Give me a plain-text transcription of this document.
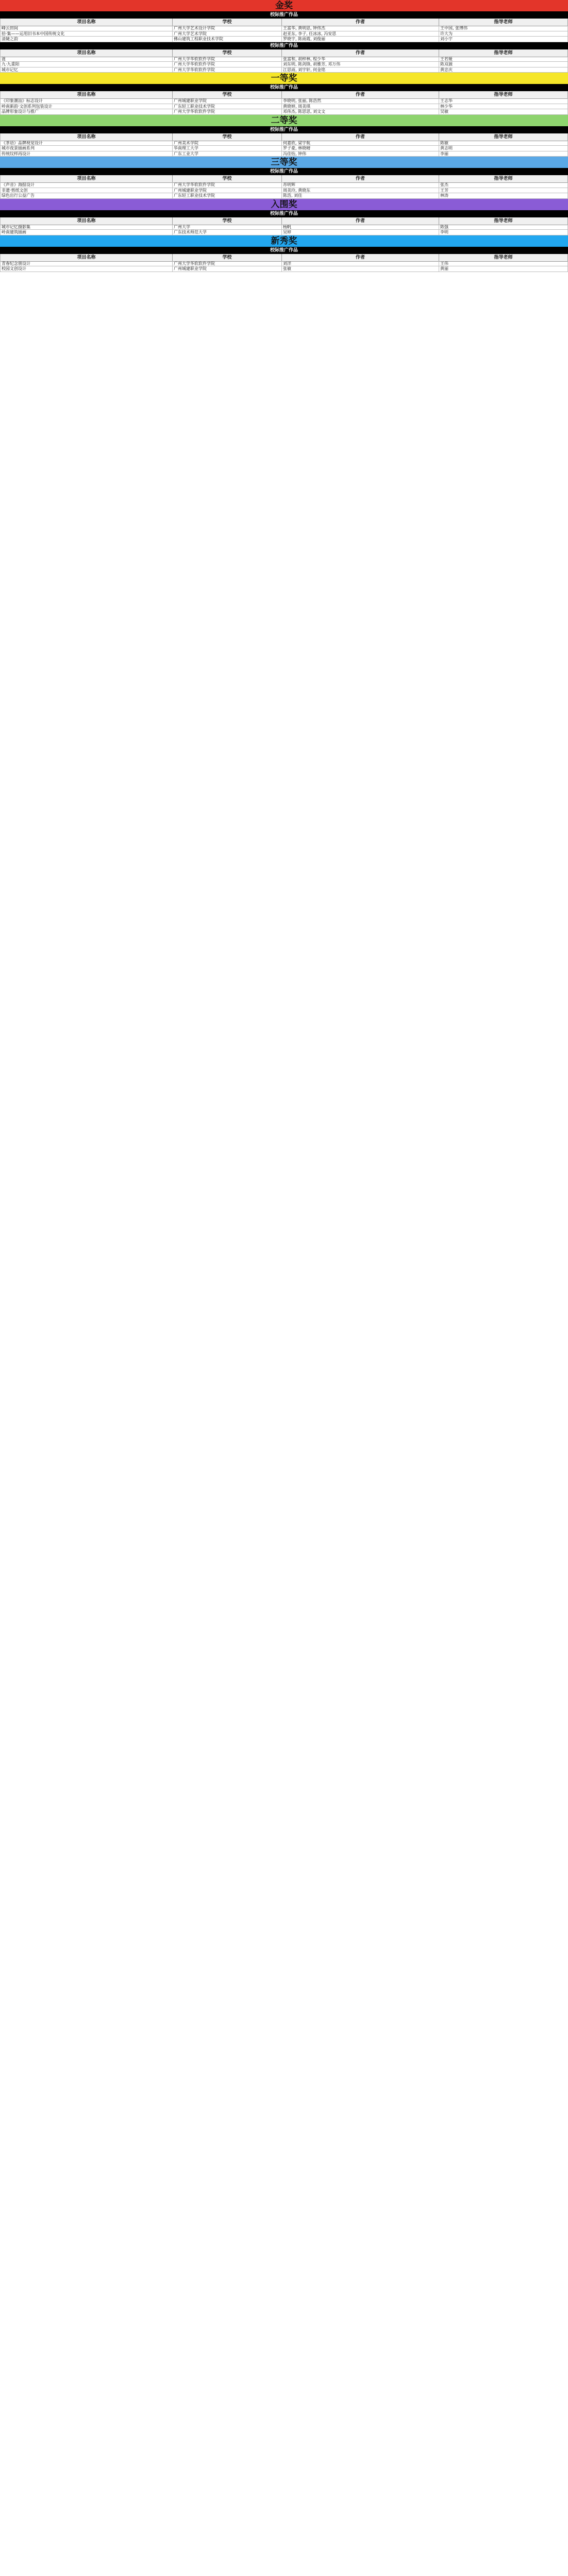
金奖
校际推广作品
项目名称	学校	作者	指导老师
峰云田间	广州大学艺术设计学院	王富华, 黄明思, 钟伟杰	王中国, 张博伟
拾·集——运用旧书本中国传统文化	广州大学艺术学院	赵亚东, 李子, 任冰冰, 冯安思	许大为
清婕之韵	佛山建筑工程职业技术学院	罗晓宇, 陈雨霞, 刘俊丽	刘小宇
校际推广作品
项目名称	学校	作者	指导老师
涟	广州大学华软软件学院	张富和, 胡梓林, 程少华	王若娅
九·九重阳	广州大学华软软件学院	刘东明, 陈剑锋, 胡雅芳, 邓万伟	陈双源
城市记忆	广州大学华软软件学院	江思雨, 刘宇轩, 何金铭	黄忠庆
一等奖
校际推广作品
项目名称	学校	作者	指导老师
《印象潮汕》标志设计	广州城建职业学院	李晓明, 张丽, 陈浩然	王志华
岭南新韵·文创系列包装设计	广东轻工职业技术学院	黄晓婷, 周美琪	林少华
品牌形象设计与推广	广州大学华软软件学院	邓伟杰, 陈思思, 刘文文	吴敏
二等奖
校际推广作品
项目名称	学校	作者	指导老师
《茶语》品牌视觉设计	广州美术学院	何嘉欣, 梁宇航	陈敏
城市夜景插画系列	华南理工大学	罗子豪, 林晓晴	黄志明
传统纹样再设计	广东工业大学	冯佳怡, 钟伟	李丽
三等奖
校际推广作品
项目名称	学校	作者	指导老师
《声音》海报设计	广州大学华软软件学院	苏明辉	张杰
非遗·剪纸文创	广州城建职业学院	周美玲, 黄晓东	王芳
绿色出行公益广告	广东轻工职业技术学院	陈浩, 刘佳	林涛
入围奖
校际推广作品
项目名称	学校	作者	指导老师
城市记忆摄影集	广州大学	杨帆	陈强
岭南建筑插画	广东技术师范大学	吴婷	李明
新秀奖
校际推广作品
项目名称	学校	作者	指导老师
青春纪念册设计	广州大学华软软件学院	刘洋	王伟
校园文创设计	广州城建职业学院	张敏	黄丽
